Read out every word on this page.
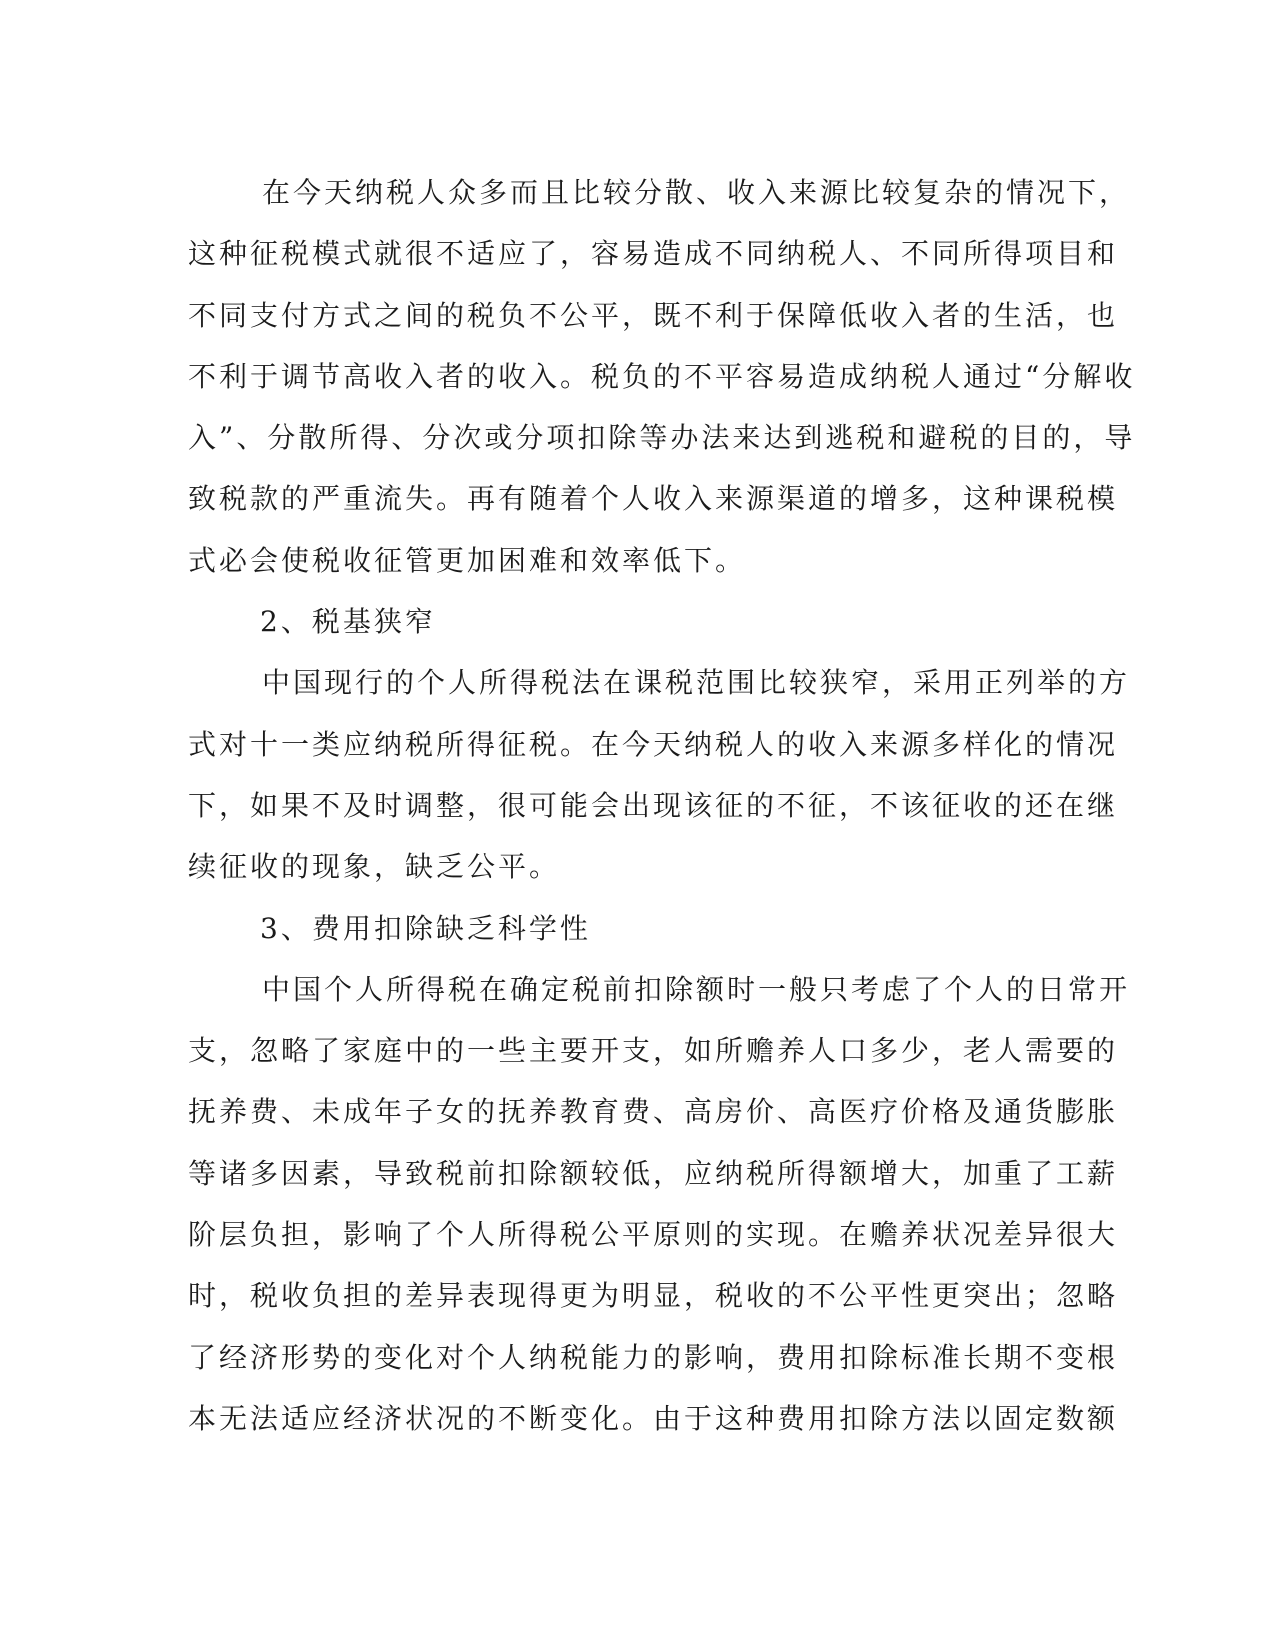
在今天纳税人众多而且比较分散、收入来源比较复杂的情况下，
这种征税模式就很不适应了，容易造成不同纳税人、不同所得项目和
不同支付方式之间的税负不公平，既不利于保障低收入者的生活，也
不利于调节高收入者的收入。税负的不平容易造成纳税人通过“分解收
入”、分散所得、分次或分项扣除等办法来达到逃税和避税的目的，导
致税款的严重流失。再有随着个人收入来源渠道的增多，这种课税模
式必会使税收征管更加困难和效率低下。
2、税基狭窄
中国现行的个人所得税法在课税范围比较狭窄，采用正列举的方
式对十一类应纳税所得征税。在今天纳税人的收入来源多样化的情况
下，如果不及时调整，很可能会出现该征的不征，不该征收的还在继
续征收的现象，缺乏公平。
3、费用扣除缺乏科学性
中国个人所得税在确定税前扣除额时一般只考虑了个人的日常开
支，忽略了家庭中的一些主要开支，如所赡养人口多少，老人需要的
抚养费、未成年子女的抚养教育费、高房价、高医疗价格及通货膨胀
等诸多因素，导致税前扣除额较低，应纳税所得额增大，加重了工薪
阶层负担，影响了个人所得税公平原则的实现。在赡养状况差异很大
时，税收负担的差异表现得更为明显，税收的不公平性更突出；忽略
了经济形势的变化对个人纳税能力的影响，费用扣除标准长期不变根
本无法适应经济状况的不断变化。由于这种费用扣除方法以固定数额
